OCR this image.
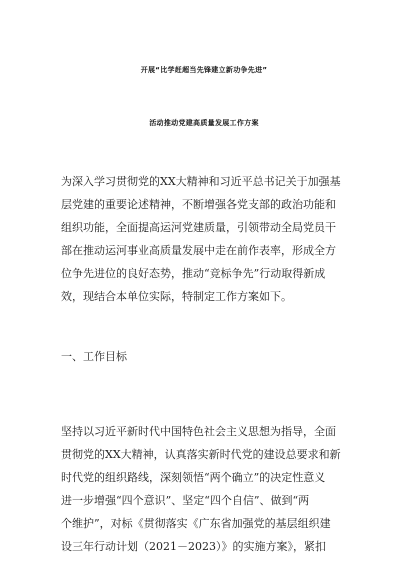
开展“比学赶超当先锋建立新功争先进”
活动推动党建高质量发展工作方案
为深入学习贯彻党的XX大精神和习近平总书记关于加强基
层党建的重要论述精神，不断增强各党支部的政治功能和
组织功能，全面提高运河党建质量，引领带动全局党员干
部在推动运河事业高质量发展中走在前作表率，形成全方
位争先进位的良好态势，推动“竞标争先”行动取得新成
效，现结合本单位实际，特制定工作方案如下。
一、工作目标
坚持以习近平新时代中国特色社会主义思想为指导，全面
贯彻党的XX大精神，认真落实新时代党的建设总要求和新
时代党的组织路线，深刻领悟“两个确立”的决定性意义
进一步增强“四个意识”、坚定“四个自信”、做到“两
个维护”，对标《贯彻落实《广东省加强党的基层组织建
设三年行动计划（2021－2023）》的实施方案》，紧扣
